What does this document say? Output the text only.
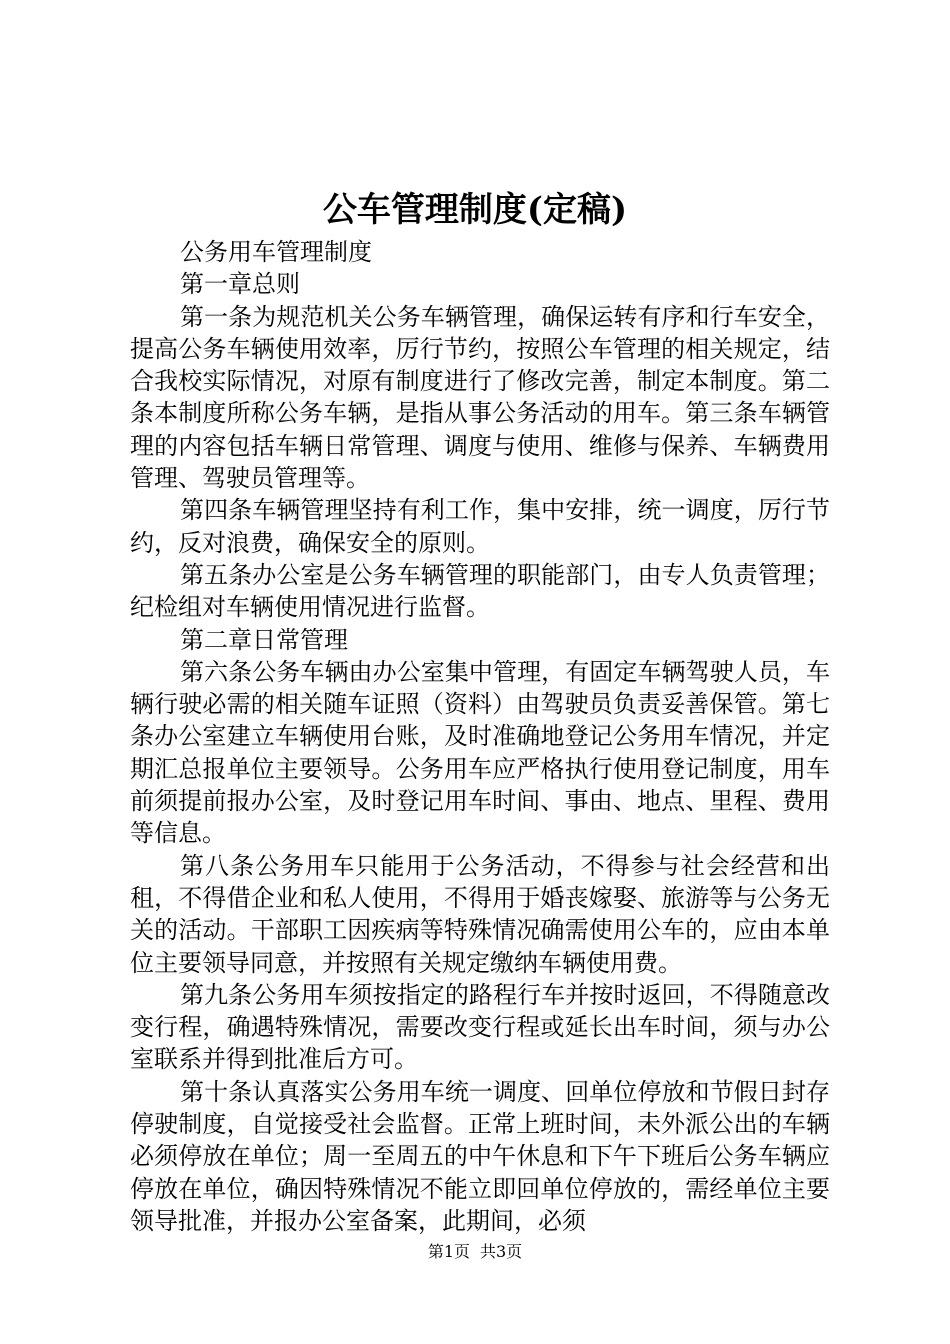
公车管理制度(定稿)

公务用车管理制度

第一章总则

第一条为规范机关公务车辆管理，确保运转有序和行车安全，提高公务车辆使用效率，厉行节约，按照公车管理的相关规定，结合我校实际情况，对原有制度进行了修改完善，制定本制度。第二条本制度所称公务车辆，是指从事公务活动的用车。第三条车辆管理的内容包括车辆日常管理、调度与使用、维修与保养、车辆费用管理、驾驶员管理等。

第四条车辆管理坚持有利工作，集中安排，统一调度，厉行节约，反对浪费，确保安全的原则。

第五条办公室是公务车辆管理的职能部门，由专人负责管理；纪检组对车辆使用情况进行监督。

第二章日常管理

第六条公务车辆由办公室集中管理，有固定车辆驾驶人员，车辆行驶必需的相关随车证照（资料）由驾驶员负责妥善保管。第七条办公室建立车辆使用台账，及时准确地登记公务用车情况，并定期汇总报单位主要领导。公务用车应严格执行使用登记制度，用车前须提前报办公室，及时登记用车时间、事由、地点、里程、费用等信息。

第八条公务用车只能用于公务活动，不得参与社会经营和出租，不得借企业和私人使用，不得用于婚丧嫁娶、旅游等与公务无关的活动。干部职工因疾病等特殊情况确需使用公车的，应由本单位主要领导同意，并按照有关规定缴纳车辆使用费。

第九条公务用车须按指定的路程行车并按时返回，不得随意改变行程，确遇特殊情况，需要改变行程或延长出车时间，须与办公室联系并得到批准后方可。

第十条认真落实公务用车统一调度、回单位停放和节假日封存停驶制度，自觉接受社会监督。正常上班时间，未外派公出的车辆必须停放在单位；周一至周五的中午休息和下午下班后公务车辆应停放在单位，确因特殊情况不能立即回单位停放的，需经单位主要领导批准，并报办公室备案，此期间，必须

第1页 共3页
